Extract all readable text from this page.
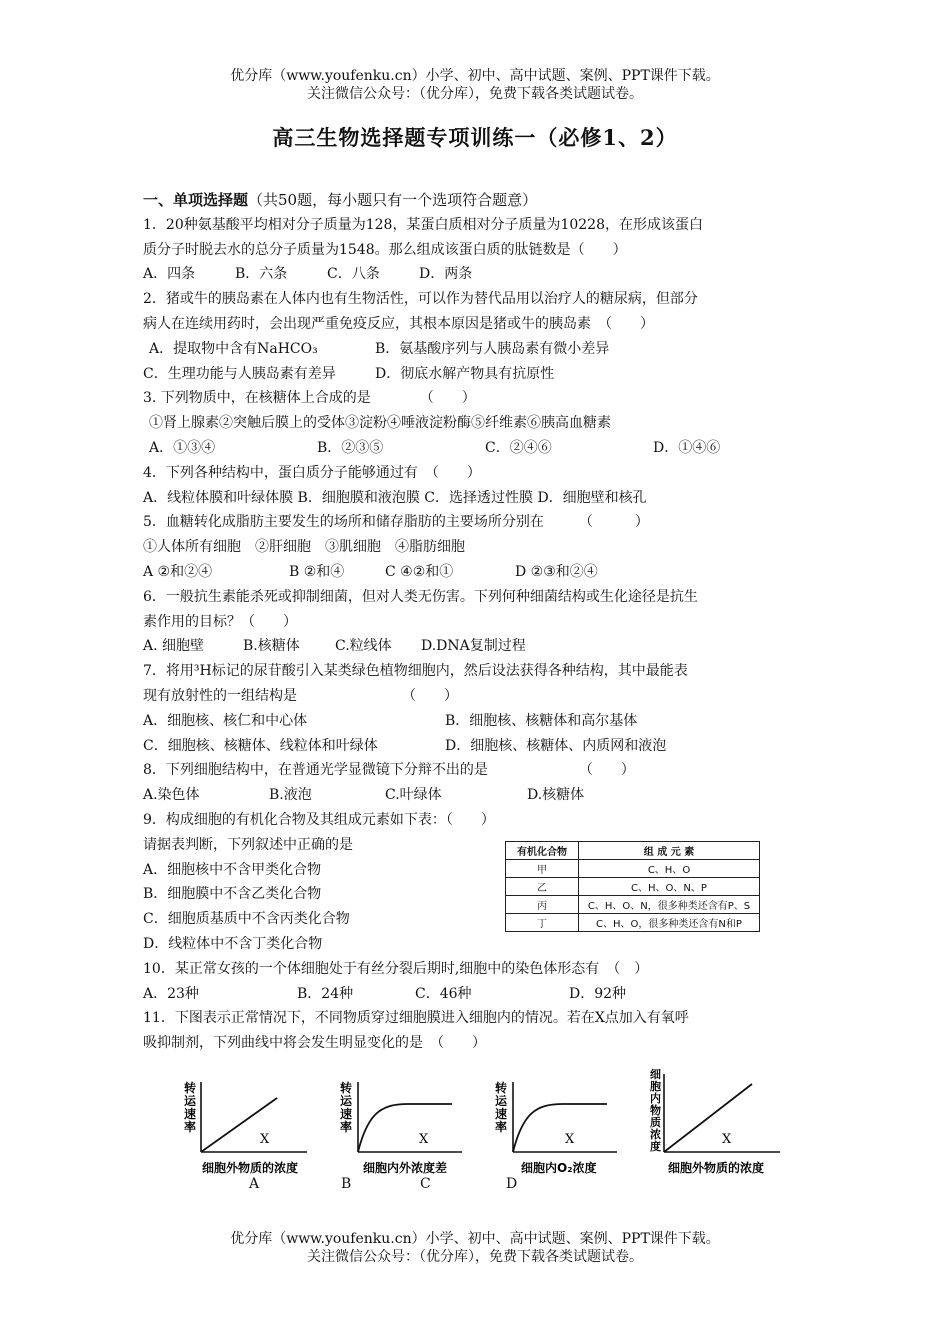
优分库（www.youfenku.cn）小学、初中、高中试题、案例、PPT课件下载。
关注微信公众号：（优分库），免费下载各类试题试卷。
高三生物选择题专项训练一（必修1、2）
一、单项选择题（共50题，每小题只有一个选项符合题意）
1．20种氨基酸平均相对分子质量为128，某蛋白质相对分子质量为10228，在形成该蛋白
质分子时脱去水的总分子质量为1548。那么组成该蛋白质的肽链数是（　　）
A．四条	B．六条	C．八条	D．两条
2．猪或牛的胰岛素在人体内也有生物活性，可以作为替代品用以治疗人的糖尿病，但部分
病人在连续用药时，会出现严重免疫反应，其根本原因是猪或牛的胰岛素　（　　）
A．提取物中含有NaHCO₃	B．氨基酸序列与人胰岛素有微小差异
C．生理功能与人胰岛素有差异	D．彻底水解产物具有抗原性
3. 下列物质中，在核糖体上合成的是　　　　（　　）
①肾上腺素②突触后膜上的受体③淀粉④唾液淀粉酶⑤纤维素⑥胰高血糖素
A．①③④	B．②③⑤	C．②④⑥	D．①④⑥
4．下列各种结构中，蛋白质分子能够通过有　（　　）
A．线粒体膜和叶绿体膜 B．细胞膜和液泡膜 C．选择透过性膜 D．细胞壁和核孔
5．血糖转化成脂肪主要发生的场所和储存脂肪的主要场所分别在　　　（　　　）
①人体所有细胞　②肝细胞　③肌细胞　④脂肪细胞
A ②和②④	B ②和④	C ④②和①	D ②③和②④
6．一般抗生素能杀死或抑制细菌，但对人类无伤害。下列何种细菌结构或生化途径是抗生
素作用的目标？（　　）
A. 细胞壁	B.核糖体	C.粒线体 D.DNA复制过程
7．将用³H标记的尿苷酸引入某类绿色植物细胞内，然后设法获得各种结构，其中最能表
现有放射性的一组结构是　　　　　　　　（　　）
A．细胞核、核仁和中心体	B．细胞核、核糖体和高尔基体
C．细胞核、核糖体、线粒体和叶绿体	D．细胞核、核糖体、内质网和液泡
8．下列细胞结构中，在普通光学显微镜下分辩不出的是　　　　　　　（　　）
A.染色体	B.液泡	C.叶绿体	D.核糖体
9．构成细胞的有机化合物及其组成元素如下表：（　　）
请据表判断，下列叙述中正确的是
A．细胞核中不含甲类化合物
B．细胞膜中不含乙类化合物
C．细胞质基质中不含丙类化合物
D．线粒体中不含丁类化合物
10．某正常女孩的一个体细胞处于有丝分裂后期时,细胞中的染色体形态有　（　）
A．23种	B．24种	C．46种	D．92种
11．下图表示正常情况下，不同物质穿过细胞膜进入细胞内的情况。若在X点加入有氧呼
吸抑制剂，下列曲线中将会发生明显变化的是　（　　）
有机化合物	组 成 元 素
甲	C、H、O
乙	C、H、O、N、P
丙	C、H、O、N，很多种类还含有P、S
丁	C、H、O，很多种类还含有N和P
转运速率
X
细胞外物质的浓度
A
转运速率
X
细胞内外浓度差
B
转运速率
X
细胞内O₂浓度
C
细胞内物质浓度	X
细胞外物质的浓度
D
优分库（www.youfenku.cn）小学、初中、高中试题、案例、PPT课件下载。
关注微信公众号：（优分库），免费下载各类试题试卷。
